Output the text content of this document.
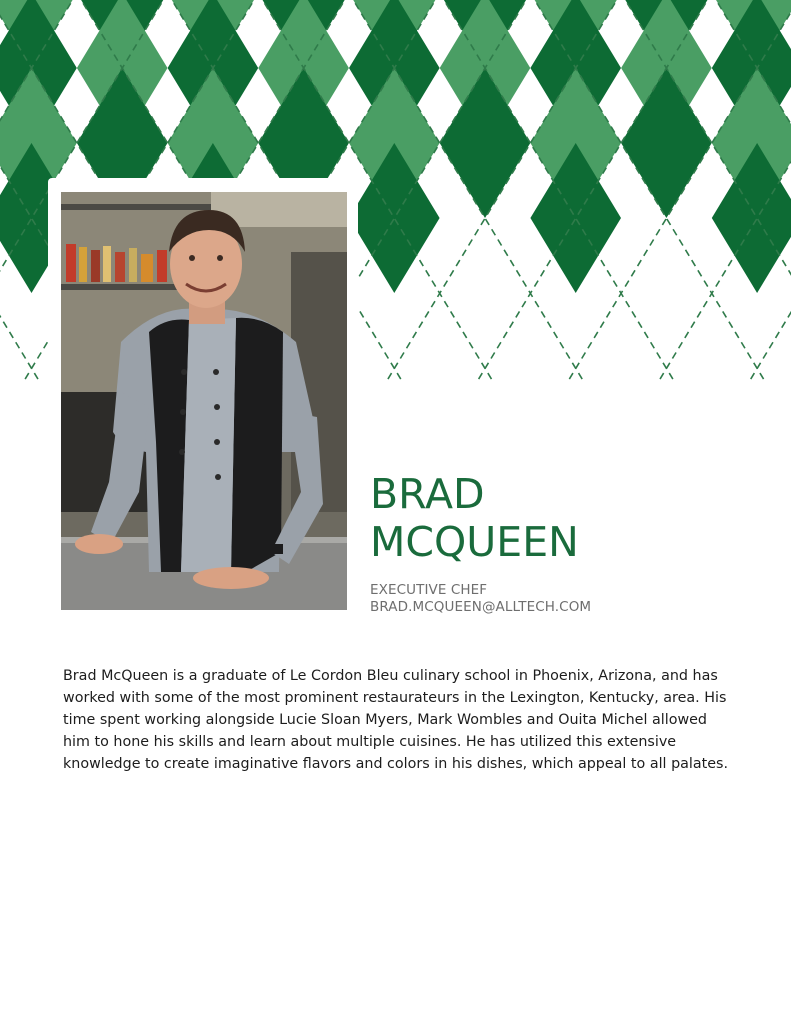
BRAD
MCQUEEN
EXECUTIVE CHEF
BRAD.MCQUEEN@ALLTECH.COM

Brad McQueen is a graduate of Le Cordon Bleu culinary school in Phoenix, Arizona, and has worked with some of the most prominent restaurateurs in the Lexington, Kentucky, area. His time spent working alongside Lucie Sloan Myers, Mark Wombles and Ouita Michel allowed him to hone his skills and learn about multiple cuisines. He has utilized this extensive knowledge to create imaginative flavors and colors in his dishes, which appeal to all palates.
